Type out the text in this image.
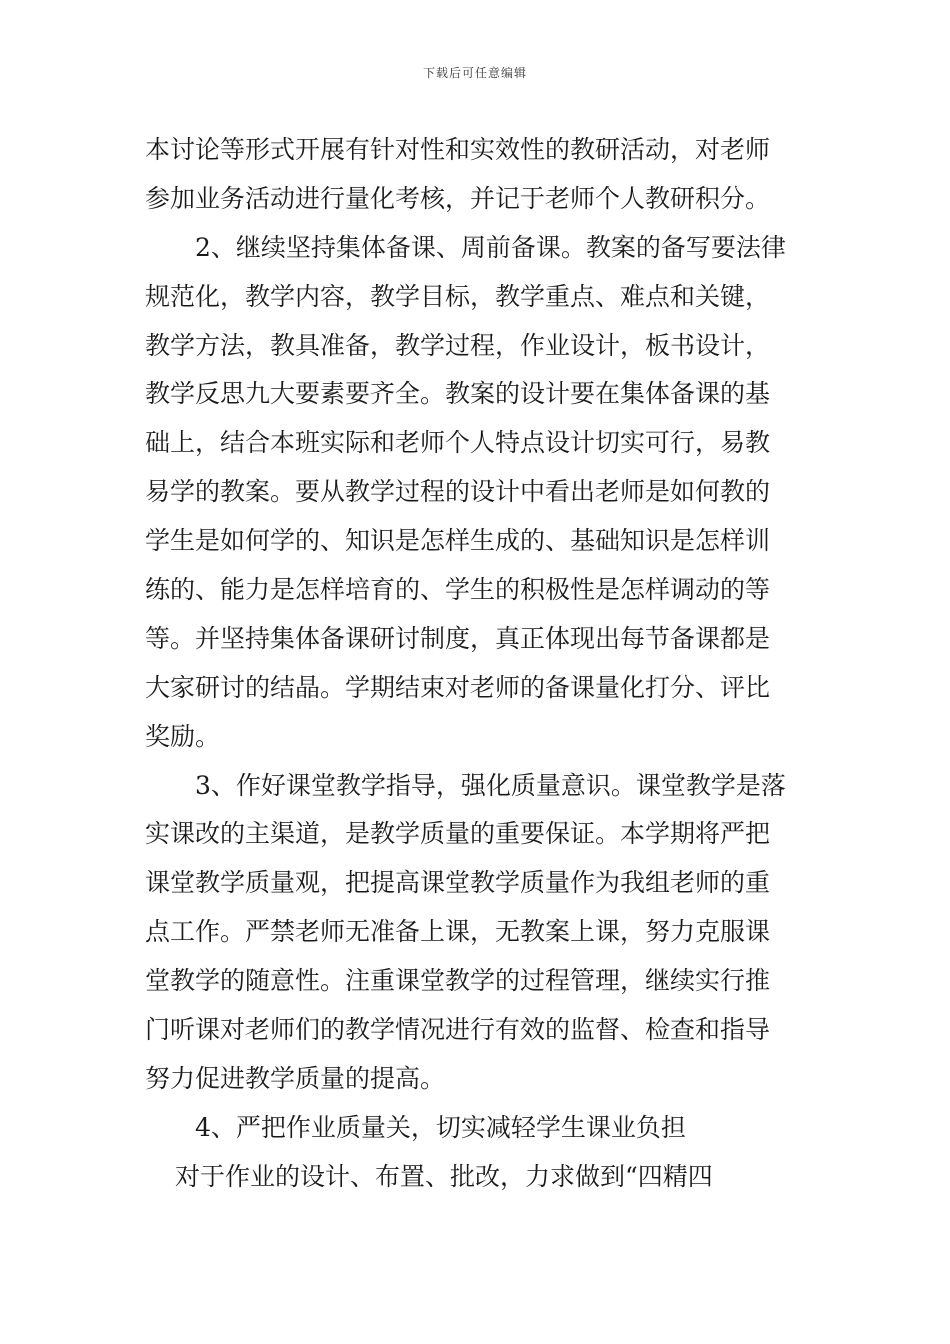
下载后可任意编辑
本讨论等形式开展有针对性和实效性的教研活动，对老师
参加业务活动进行量化考核，并记于老师个人教研积分。
2、继续坚持集体备课、周前备课。教案的备写要法律
规范化，教学内容，教学目标，教学重点、难点和关键，
教学方法，教具准备，教学过程，作业设计，板书设计，
教学反思九大要素要齐全。教案的设计要在集体备课的基
础上，结合本班实际和老师个人特点设计切实可行，易教
易学的教案。要从教学过程的设计中看出老师是如何教的
学生是如何学的、知识是怎样生成的、基础知识是怎样训
练的、能力是怎样培育的、学生的积极性是怎样调动的等
等。并坚持集体备课研讨制度，真正体现出每节备课都是
大家研讨的结晶。学期结束对老师的备课量化打分、评比
奖励。
3、作好课堂教学指导，强化质量意识。课堂教学是落
实课改的主渠道，是教学质量的重要保证。本学期将严把
课堂教学质量观，把提高课堂教学质量作为我组老师的重
点工作。严禁老师无准备上课，无教案上课，努力克服课
堂教学的随意性。注重课堂教学的过程管理，继续实行推
门听课对老师们的教学情况进行有效的监督、检查和指导
努力促进教学质量的提高。
4、严把作业质量关，切实减轻学生课业负担
对于作业的设计、布置、批改，力求做到“四精四
